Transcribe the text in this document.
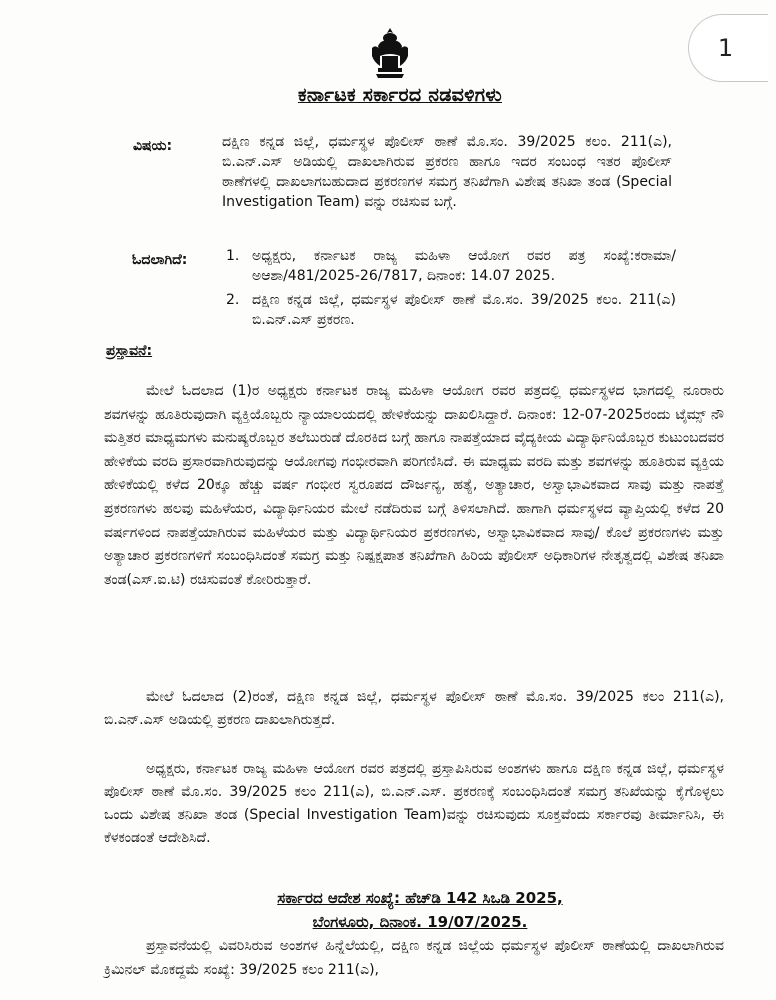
1
ಕರ್ನಾಟಕ ಸರ್ಕಾರದ ನಡವಳಿಗಳು
ವಿಷಯ:	ದಕ್ಷಿಣ ಕನ್ನಡ ಜಿಲ್ಲೆ, ಧರ್ಮಸ್ಥಳ ಪೊಲೀಸ್ ಠಾಣೆ ಮೊ.ಸಂ. 39/2025 ಕಲಂ. 211(ಎ), ಬಿ.ಎನ್.ಎಸ್ ಅಡಿಯಲ್ಲಿ ದಾಖಲಾಗಿರುವ ಪ್ರಕರಣ ಹಾಗೂ ಇದರ ಸಂಬಂಧ ಇತರ ಪೊಲೀಸ್ ಠಾಣೆಗಳಲ್ಲಿ ದಾಖಲಾಗಬಹುದಾದ ಪ್ರಕರಣಗಳ ಸಮಗ್ರ ತನಿಖೆಗಾಗಿ ವಿಶೇಷ ತನಿಖಾ ತಂಡ (Special Investigation Team) ವನ್ನು ರಚಿಸುವ ಬಗ್ಗೆ.
ಓದಲಾಗಿದೆ:	1. ಅಧ್ಯಕ್ಷರು, ಕರ್ನಾಟಕ ರಾಜ್ಯ ಮಹಿಳಾ ಆಯೋಗ ರವರ ಪತ್ರ ಸಂಖ್ಯೆ:ಕರಾಮಾ/ಅಆಶಾ/481/2025-26/7817, ದಿನಾಂಕ: 14.07 2025.
2. ದಕ್ಷಿಣ ಕನ್ನಡ ಜಿಲ್ಲೆ, ಧರ್ಮಸ್ಥಳ ಪೊಲೀಸ್ ಠಾಣೆ ಮೊ.ಸಂ. 39/2025 ಕಲಂ. 211(ಎ) ಬಿ.ಎನ್.ಎಸ್ ಪ್ರಕರಣ.
ಪ್ರಸ್ತಾವನೆ:
ಮೇಲೆ ಓದಲಾದ (1)ರ ಅಧ್ಯಕ್ಷರು ಕರ್ನಾಟಕ ರಾಜ್ಯ ಮಹಿಳಾ ಆಯೋಗ ರವರ ಪತ್ರದಲ್ಲಿ ಧರ್ಮಸ್ಥಳದ ಭಾಗದಲ್ಲಿ ನೂರಾರು ಶವಗಳನ್ನು ಹೂತಿರುವುದಾಗಿ ವ್ಯಕ್ತಿಯೊಬ್ಬರು ನ್ಯಾಯಾಲಯದಲ್ಲಿ ಹೇಳಿಕೆಯನ್ನು ದಾಖಲಿಸಿದ್ದಾರೆ. ದಿನಾಂಕ: 12-07-2025ರಂದು ಟೈಮ್ಸ್ ನೌ ಮತ್ತಿತರ ಮಾಧ್ಯಮಗಳು ಮನುಷ್ಯರೊಬ್ಬರ ತಲೆಬುರುಡೆ ದೊರಕಿದ ಬಗ್ಗೆ ಹಾಗೂ ನಾಪತ್ತೆಯಾದ ವೈದ್ಯಕೀಯ ವಿದ್ಯಾರ್ಥಿನಿಯೊಬ್ಬರ ಕುಟುಂಬದವರ ಹೇಳಿಕೆಯ ವರದಿ ಪ್ರಸಾರವಾಗಿರುವುದನ್ನು ಆಯೋಗವು ಗಂಭೀರವಾಗಿ ಪರಿಗಣಿಸಿದೆ. ಈ ಮಾಧ್ಯಮ ವರದಿ ಮತ್ತು ಶವಗಳನ್ನು ಹೂತಿರುವ ವ್ಯಕ್ತಿಯ ಹೇಳಿಕೆಯಲ್ಲಿ ಕಳೆದ 20ಕ್ಕೂ ಹೆಚ್ಚು ವರ್ಷ ಗಂಭೀರ ಸ್ವರೂಪದ ದೌರ್ಜನ್ಯ, ಹತ್ಯೆ, ಅತ್ಯಾಚಾರ, ಅಸ್ವಾಭಾವಿಕವಾದ ಸಾವು ಮತ್ತು ನಾಪತ್ತೆ ಪ್ರಕರಣಗಳು ಹಲವು ಮಹಿಳೆಯರ, ವಿದ್ಯಾರ್ಥಿನಿಯರ ಮೇಲೆ ನಡೆದಿರುವ ಬಗ್ಗೆ ತಿಳಿಸಲಾಗಿದೆ. ಹಾಗಾಗಿ ಧರ್ಮಸ್ಥಳದ ವ್ಯಾಪ್ತಿಯಲ್ಲಿ ಕಳೆದ 20 ವರ್ಷಗಳಿಂದ ನಾಪತ್ತೆಯಾಗಿರುವ ಮಹಿಳೆಯರ ಮತ್ತು ವಿದ್ಯಾರ್ಥಿನಿಯರ ಪ್ರಕರಣಗಳು, ಅಸ್ವಾಭಾವಿಕವಾದ ಸಾವು/ ಕೊಲೆ ಪ್ರಕರಣಗಳು ಮತ್ತು ಅತ್ಯಾಚಾರ ಪ್ರಕರಣಗಳಿಗೆ ಸಂಬಂಧಿಸಿದಂತೆ ಸಮಗ್ರ ಮತ್ತು ನಿಷ್ಪಕ್ಷಪಾತ ತನಿಖೆಗಾಗಿ ಹಿರಿಯ ಪೊಲೀಸ್ ಅಧಿಕಾರಿಗಳ ನೇತೃತ್ವದಲ್ಲಿ ವಿಶೇಷ ತನಿಖಾ ತಂಡ(ಎಸ್.ಐ.ಟಿ) ರಚಿಸುವಂತೆ ಕೋರಿರುತ್ತಾರೆ.
ಮೇಲೆ ಓದಲಾದ (2)ರಂತೆ, ದಕ್ಷಿಣ ಕನ್ನಡ ಜಿಲ್ಲೆ, ಧರ್ಮಸ್ಥಳ ಪೊಲೀಸ್ ಠಾಣೆ ಮೊ.ಸಂ. 39/2025 ಕಲಂ 211(ಎ), ಬಿ.ಎನ್.ಎಸ್ ಅಡಿಯಲ್ಲಿ ಪ್ರಕರಣ ದಾಖಲಾಗಿರುತ್ತದೆ.
ಅಧ್ಯಕ್ಷರು, ಕರ್ನಾಟಕ ರಾಜ್ಯ ಮಹಿಳಾ ಆಯೋಗ ರವರ ಪತ್ರದಲ್ಲಿ ಪ್ರಸ್ತಾಪಿಸಿರುವ ಅಂಶಗಳು ಹಾಗೂ ದಕ್ಷಿಣ ಕನ್ನಡ ಜಿಲ್ಲೆ, ಧರ್ಮಸ್ಥಳ ಪೊಲೀಸ್ ಠಾಣೆ ಮೊ.ಸಂ. 39/2025 ಕಲಂ 211(ಎ), ಬಿ.ಎನ್.ಎಸ್. ಪ್ರಕರಣಕ್ಕೆ ಸಂಬಂಧಿಸಿದಂತೆ ಸಮಗ್ರ ತನಿಖೆಯನ್ನು ಕೈಗೊಳ್ಳಲು ಒಂದು ವಿಶೇಷ ತನಿಖಾ ತಂಡ (Special Investigation Team)ವನ್ನು ರಚಿಸುವುದು ಸೂಕ್ತವೆಂದು ಸರ್ಕಾರವು ತೀರ್ಮಾನಿಸಿ, ಈ ಕೆಳಕಂಡಂತೆ ಆದೇಶಿಸಿದೆ.
ಸರ್ಕಾರದ ಆದೇಶ ಸಂಖ್ಯೆ: ಹೆಚ್‌ಡಿ 142 ಸಿಒಡಿ 2025,
ಬೆಂಗಳೂರು, ದಿನಾಂಕ. 19/07/2025.
ಪ್ರಸ್ತಾವನೆಯಲ್ಲಿ ವಿವರಿಸಿರುವ ಅಂಶಗಳ ಹಿನ್ನೆಲೆಯಲ್ಲಿ, ದಕ್ಷಿಣ ಕನ್ನಡ ಜಿಲ್ಲೆಯ ಧರ್ಮಸ್ಥಳ ಪೊಲೀಸ್ ಠಾಣೆಯಲ್ಲಿ ದಾಖಲಾಗಿರುವ ಕ್ರಿಮಿನಲ್ ಮೊಕದ್ದಮೆ ಸಂಖ್ಯೆ: 39/2025 ಕಲಂ 211(ಎ),
